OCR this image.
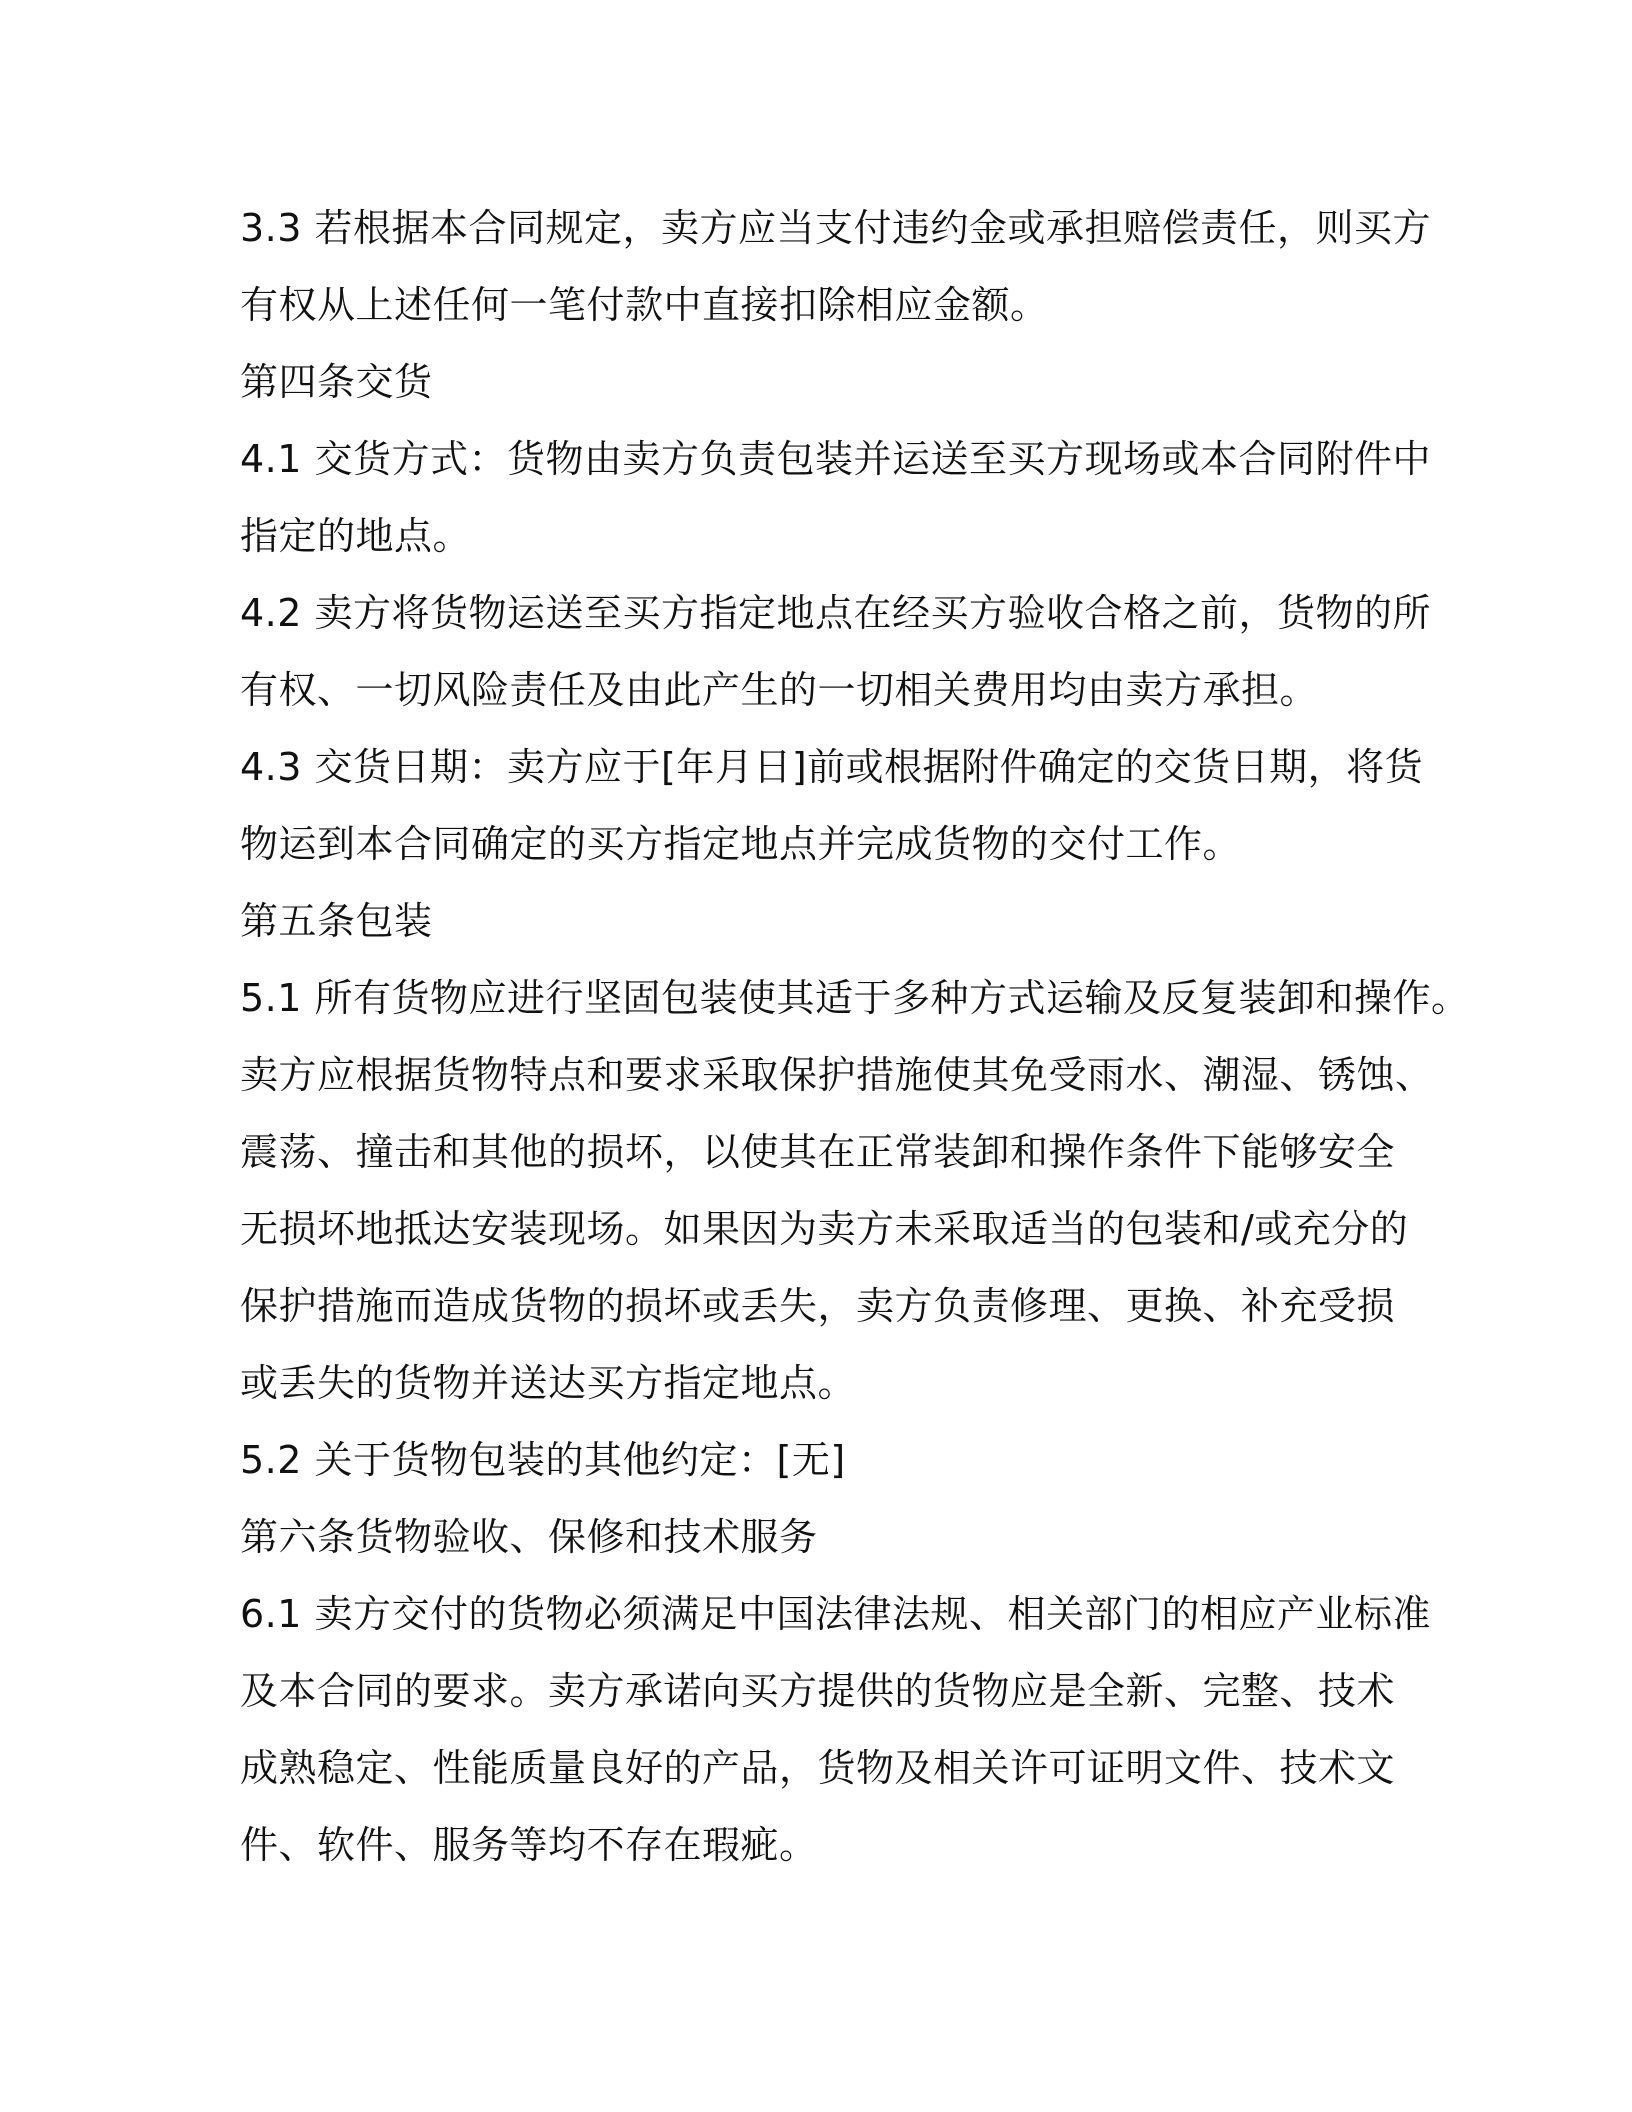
3.3 若根据本合同规定，卖方应当支付违约金或承担赔偿责任，则买方
有权从上述任何一笔付款中直接扣除相应金额。
第四条交货
4.1 交货方式：货物由卖方负责包装并运送至买方现场或本合同附件中
指定的地点。
4.2 卖方将货物运送至买方指定地点在经买方验收合格之前，货物的所
有权、一切风险责任及由此产生的一切相关费用均由卖方承担。
4.3 交货日期：卖方应于[年月日]前或根据附件确定的交货日期，将货
物运到本合同确定的买方指定地点并完成货物的交付工作。
第五条包装
5.1 所有货物应进行坚固包装使其适于多种方式运输及反复装卸和操作。
卖方应根据货物特点和要求采取保护措施使其免受雨水、潮湿、锈蚀、
震荡、撞击和其他的损坏，以使其在正常装卸和操作条件下能够安全
无损坏地抵达安装现场。如果因为卖方未采取适当的包装和/或充分的
保护措施而造成货物的损坏或丢失，卖方负责修理、更换、补充受损
或丢失的货物并送达买方指定地点。
5.2 关于货物包装的其他约定：[无]
第六条货物验收、保修和技术服务
6.1 卖方交付的货物必须满足中国法律法规、相关部门的相应产业标准
及本合同的要求。卖方承诺向买方提供的货物应是全新、完整、技术
成熟稳定、性能质量良好的产品，货物及相关许可证明文件、技术文
件、软件、服务等均不存在瑕疵。
